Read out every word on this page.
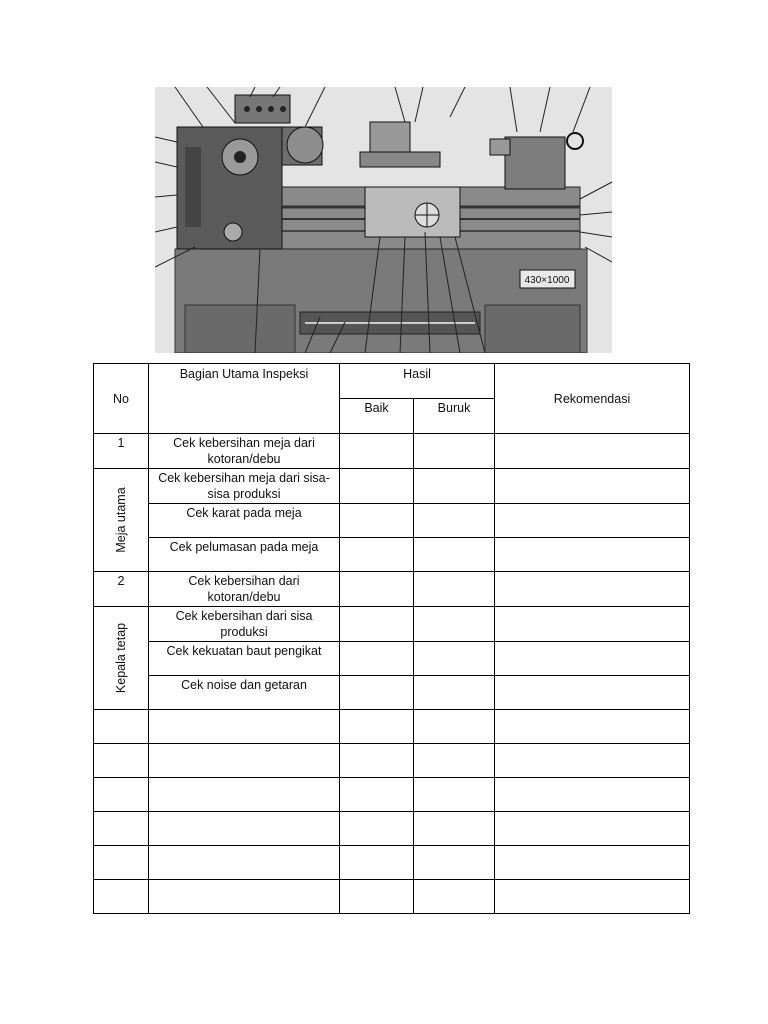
430×1000
No	Bagian Utama Inspeksi	Hasil		Rekomendasi
		Baik	Buruk	
1	Cek kebersihan meja dari kotoran/debu			

Meja utama	Cek kebersihan meja dari sisa-sisa produksi			
	Cek karat pada meja			
	Cek pelumasan pada meja			
2	Cek kebersihan dari kotoran/debu			

Kepala tetap	Cek kebersihan dari sisa produksi			
	Cek kekuatan baut pengikat			
	Cek noise dan getaran			
